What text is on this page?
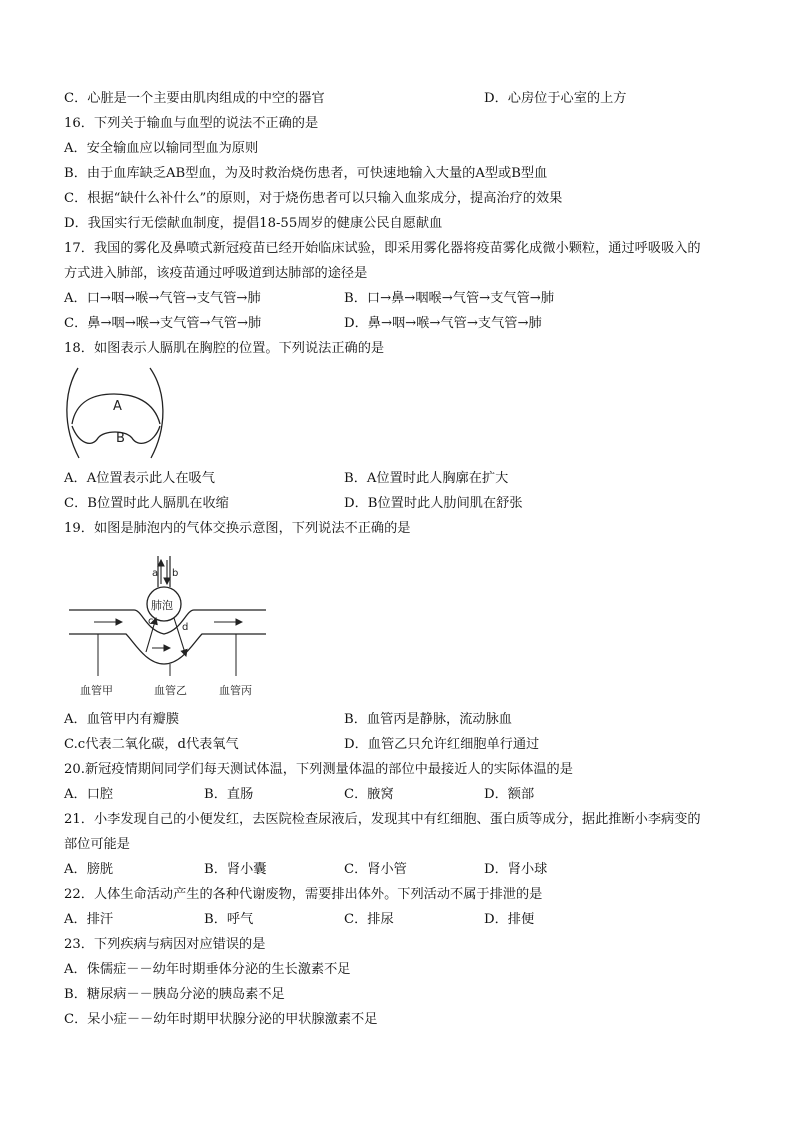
C．心脏是一个主要由肌肉组成的中空的器官	D．心房位于心室的上方
16．下列关于输血与血型的说法不正确的是
A．安全输血应以输同型血为原则
B．由于血库缺乏AB型血，为及时救治烧伤患者，可快速地输入大量的A型或B型血
C．根据“缺什么补什么”的原则，对于烧伤患者可以只输入血浆成分，提高治疗的效果
D．我国实行无偿献血制度，提倡18-55周岁的健康公民自愿献血
17．我国的雾化及鼻喷式新冠疫苗已经开始临床试验，即采用雾化器将疫苗雾化成微小颗粒，通过呼吸吸入的
方式进入肺部，该疫苗通过呼吸道到达肺部的途径是
A．口→咽→喉→气管→支气管→肺	B．口→鼻→咽喉→气管→支气管→肺
C．鼻→咽→喉→支气管→气管→肺	D．鼻→咽→喉→气管→支气管→肺
18．如图表示人膈肌在胸腔的位置。下列说法正确的是
A
B
A．A位置表示此人在吸气	B．A位置时此人胸廓在扩大
C．B位置时此人膈肌在收缩	D．B位置时此人肋间肌在舒张
19．如图是肺泡内的气体交换示意图，下列说法不正确的是
肺泡
a b
c
d
血管甲	血管乙	血管丙
A．血管甲内有瓣膜	B．血管丙是静脉，流动脉血
C.c代表二氧化碳，d代表氧气	D．血管乙只允许红细胞单行通过
20.新冠疫情期间同学们每天测试体温，下列测量体温的部位中最接近人的实际体温的是
A．口腔	B．直肠	C．腋窝	D．额部
21．小李发现自己的小便发红，去医院检查尿液后，发现其中有红细胞、蛋白质等成分，据此推断小李病变的
部位可能是
A．膀胱	B．肾小囊	C．肾小管	D．肾小球
22．人体生命活动产生的各种代谢废物，需要排出体外。下列活动不属于排泄的是
A．排汗	B．呼气	C．排尿	D．排便
23．下列疾病与病因对应错误的是
A．侏儒症－－幼年时期垂体分泌的生长激素不足
B．糖尿病－－胰岛分泌的胰岛素不足
C．呆小症－－幼年时期甲状腺分泌的甲状腺激素不足
